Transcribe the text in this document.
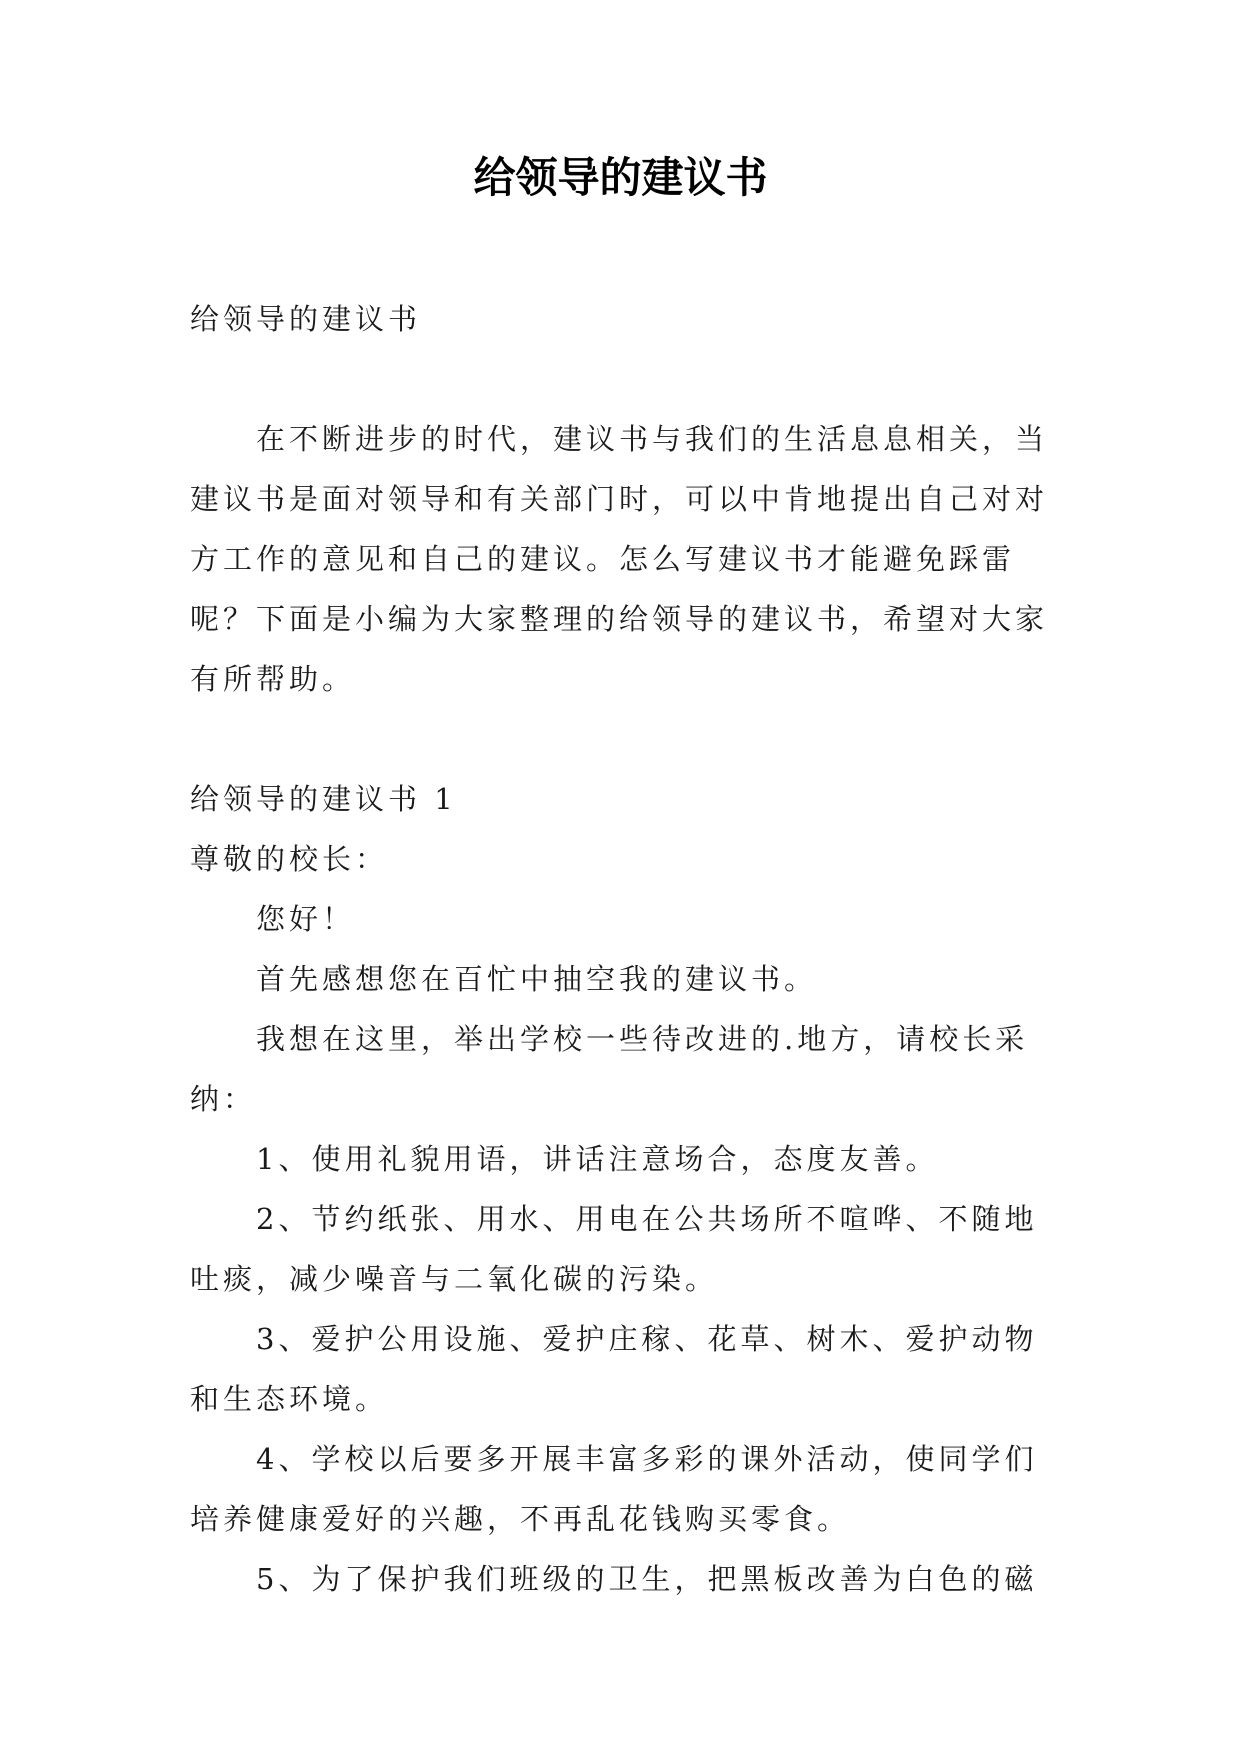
给领导的建议书
给领导的建议书
　　在不断进步的时代，建议书与我们的生活息息相关，当
建议书是面对领导和有关部门时，可以中肯地提出自己对对
方工作的意见和自己的建议。怎么写建议书才能避免踩雷
呢？下面是小编为大家整理的给领导的建议书，希望对大家
有所帮助。
给领导的建议书 1
尊敬的校长：
　　您好！
　　首先感想您在百忙中抽空我的建议书。
　　我想在这里，举出学校一些待改进的.地方，请校长采
纳：
　　1、使用礼貌用语，讲话注意场合，态度友善。
　　2、节约纸张、用水、用电在公共场所不喧哗、不随地
吐痰，减少噪音与二氧化碳的污染。
　　3、爱护公用设施、爱护庄稼、花草、树木、爱护动物
和生态环境。
　　4、学校以后要多开展丰富多彩的课外活动，使同学们
培养健康爱好的兴趣，不再乱花钱购买零食。
　　5、为了保护我们班级的卫生，把黑板改善为白色的磁
